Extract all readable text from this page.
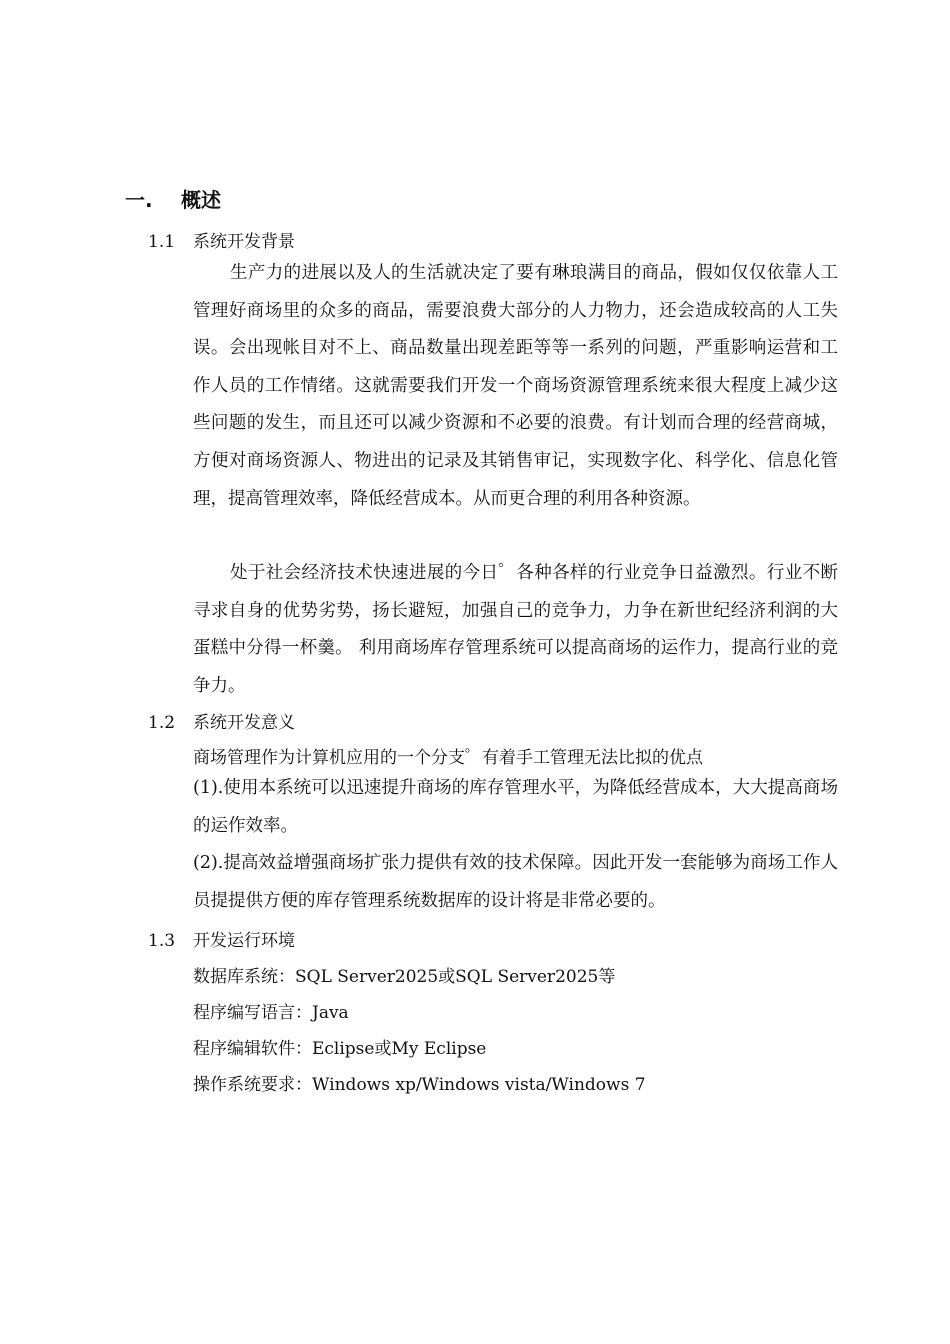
一. 概述
1.1 系统开发背景

生产力的进展以及人的生活就决定了要有琳琅满目的商品，假如仅仅依靠人工管理好商场里的众多的商品，需要浪费大部分的人力物力，还会造成较高的人工失误。会出现帐目对不上、商品数量出现差距等等一系列的问题，严重影响运营和工作人员的工作情绪。这就需要我们开发一个商场资源管理系统来很大程度上减少这些问题的发生，而且还可以减少资源和不必要的浪费。有计划而合理的经营商城，方便对商场资源人、物进出的记录及其销售审记，实现数字化、科学化、信息化管理，提高管理效率，降低经营成本。从而更合理的利用各种资源。

处于社会经济技术快速进展的今日゜各种各样的行业竞争日益激烈。行业不断寻求自身的优势劣势，扬长避短，加强自己的竞争力，力争在新世纪经济利润的大蛋糕中分得一杯羹。 利用商场库存管理系统可以提高商场的运作力，提高行业的竞争力。

1.2 系统开发意义
商场管理作为计算机应用的一个分支゜有着手工管理无法比拟的优点

(1).使用本系统可以迅速提升商场的库存管理水平，为降低经营成本，大大提高商场的运作效率。

(2).提高效益增强商场扩张力提供有效的技术保障。因此开发一套能够为商场工作人员提提供方便的库存管理系统数据库的设计将是非常必要的。

1.3 开发运行环境
数据库系统：SQL Server2025或SQL Server2025等
程序编写语言：Java
程序编辑软件：Eclipse或My Eclipse
操作系统要求：Windows xp/Windows vista/Windows 7
